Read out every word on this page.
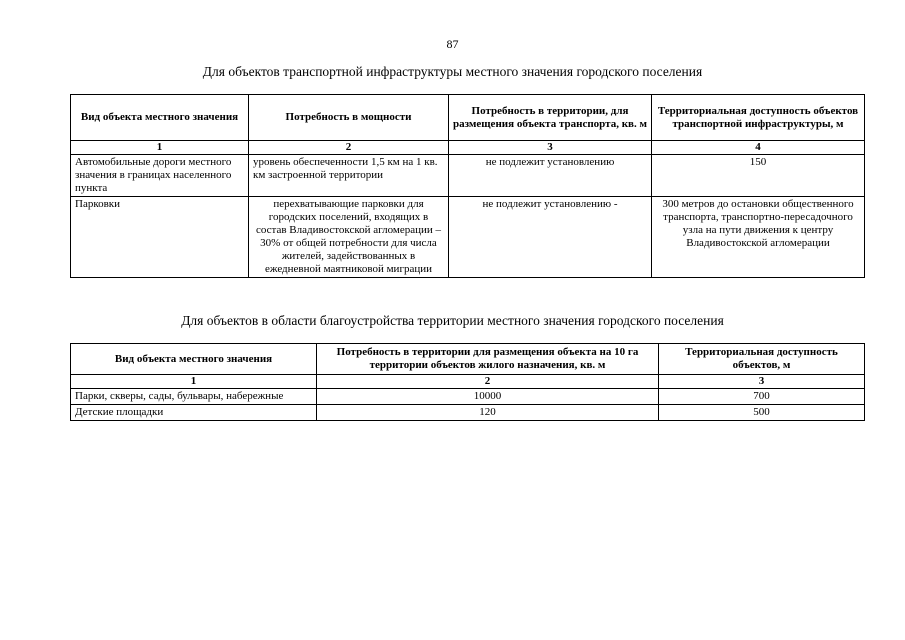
87
Для объектов транспортной инфраструктуры местного значения городского поселения
Вид объекта местного значения	Потребность в мощности	Потребность в территории, для размещения объекта транспорта, кв. м	Территориальная доступность объектов транспортной инфраструктуры, м
1	2	3	4
Автомобильные дороги местного значения в границах населенного пункта	уровень обеспеченности 1,5 км на 1 кв. км застроенной территории	не подлежит установлению	150
Парковки	перехватывающие парковки для городских поселений, входящих в состав Владивостокской агломерации – 30% от общей потребности для числа жителей, задействованных в ежедневной маятниковой миграции	не подлежит установлению -	300 метров до остановки общественного транспорта, транспортно-пересадочного узла на пути движения к центру Владивостокской агломерации
Для объектов в области благоустройства территории местного значения городского поселения
Вид объекта местного значения	Потребность в территории для размещения объекта на 10 га территории объектов жилого назначения, кв. м	Территориальная доступность объектов, м
1	2	3
Парки, скверы, сады, бульвары, набережные	10000	700
Детские площадки	120	500
